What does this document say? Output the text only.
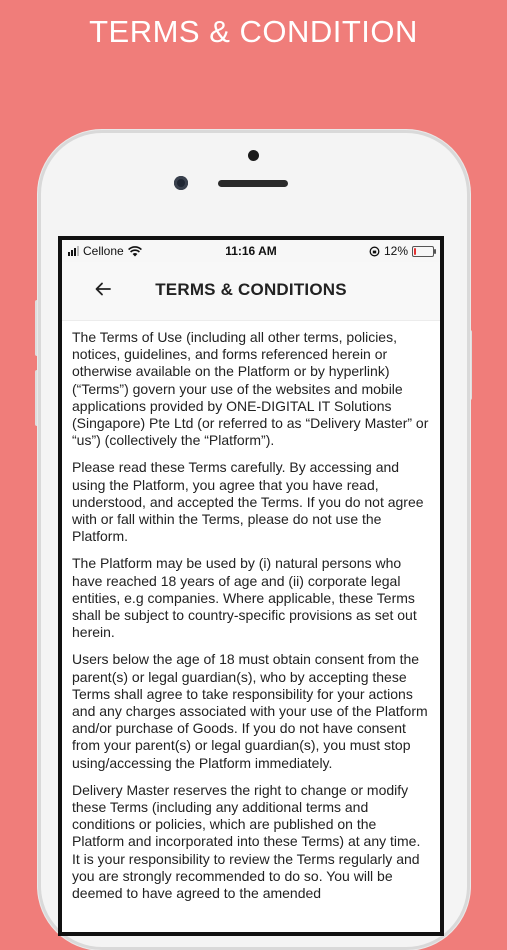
TERMS & CONDITION
Cellone	11:16 AM	12%
TERMS & CONDITIONS

The Terms of Use (including all other terms, policies, notices, guidelines, and forms referenced herein or otherwise available on the Platform or by hyperlink) (“Terms”) govern your use of the websites and mobile applications provided by ONE-DIGITAL IT Solutions (Singapore) Pte Ltd (or referred to as “Delivery Master” or “us”) (collectively the “Platform”).

Please read these Terms carefully. By accessing and using the Platform, you agree that you have read, understood, and accepted the Terms. If you do not agree with or fall within the Terms, please do not use the Platform.

The Platform may be used by (i) natural persons who have reached 18 years of age and (ii) corporate legal entities, e.g companies. Where applicable, these Terms shall be subject to country-specific provisions as set out herein.

Users below the age of 18 must obtain consent from the parent(s) or legal guardian(s), who by accepting these Terms shall agree to take responsibility for your actions and any charges associated with your use of the Platform and/or purchase of Goods. If you do not have consent from your parent(s) or legal guardian(s), you must stop using/accessing the Platform immediately.

Delivery Master reserves the right to change or modify these Terms (including any additional terms and conditions or policies, which are published on the Platform and incorporated into these Terms) at any time. It is your responsibility to review the Terms regularly and you are strongly recommended to do so. You will be deemed to have agreed to the amended
